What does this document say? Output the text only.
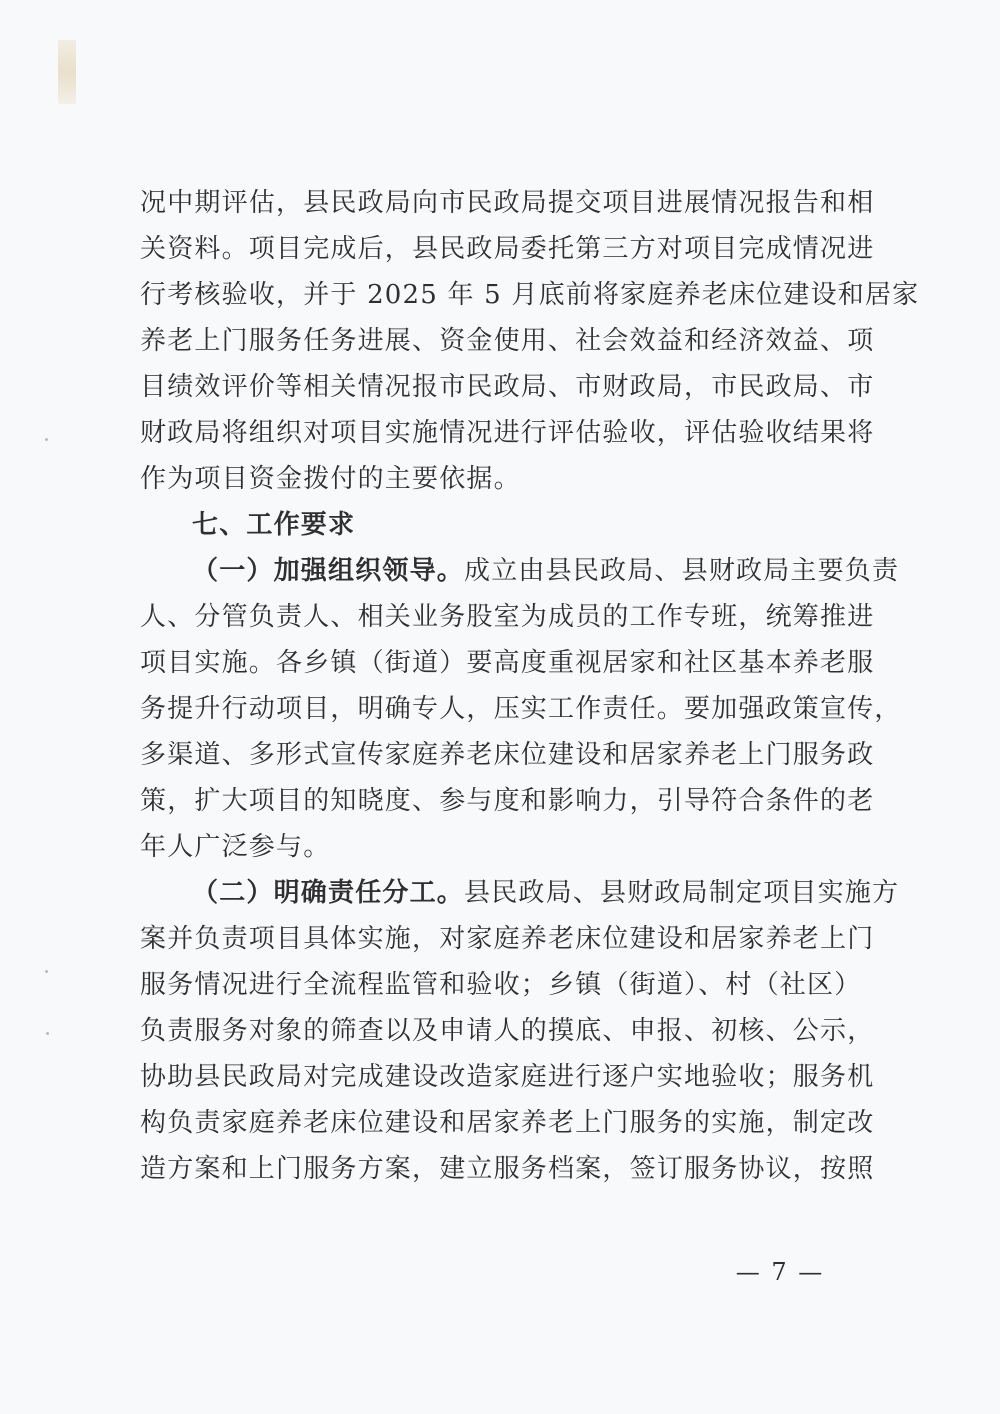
况中期评估，县民政局向市民政局提交项目进展情况报告和相
关资料。项目完成后，县民政局委托第三方对项目完成情况进
行考核验收，并于 2025 年 5 月底前将家庭养老床位建设和居家
养老上门服务任务进展、资金使用、社会效益和经济效益、项
目绩效评价等相关情况报市民政局、市财政局，市民政局、市
财政局将组织对项目实施情况进行评估验收，评估验收结果将
作为项目资金拨付的主要依据。
七、工作要求
（一）加强组织领导。成立由县民政局、县财政局主要负责
人、分管负责人、相关业务股室为成员的工作专班，统筹推进
项目实施。各乡镇（街道）要高度重视居家和社区基本养老服
务提升行动项目，明确专人，压实工作责任。要加强政策宣传，
多渠道、多形式宣传家庭养老床位建设和居家养老上门服务政
策，扩大项目的知晓度、参与度和影响力，引导符合条件的老
年人广泛参与。
（二）明确责任分工。县民政局、县财政局制定项目实施方
案并负责项目具体实施，对家庭养老床位建设和居家养老上门
服务情况进行全流程监管和验收；乡镇（街道）、村（社区）
负责服务对象的筛查以及申请人的摸底、申报、初核、公示，
协助县民政局对完成建设改造家庭进行逐户实地验收；服务机
构负责家庭养老床位建设和居家养老上门服务的实施，制定改
造方案和上门服务方案，建立服务档案，签订服务协议，按照
— 7 —
